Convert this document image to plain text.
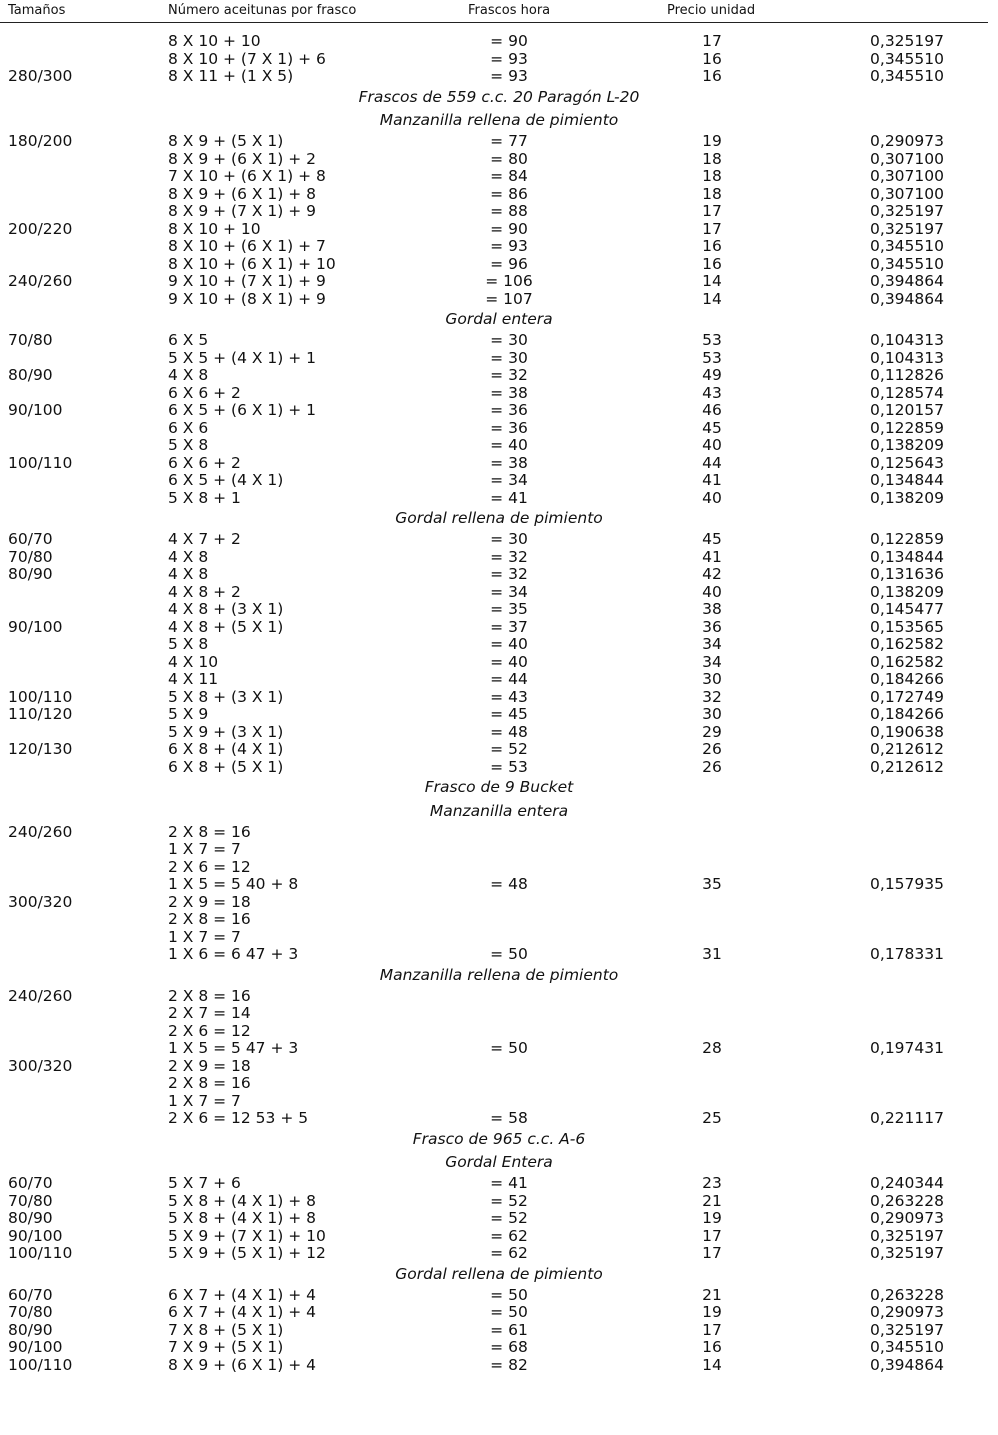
Tamaños	Número aceitunas por frasco	Frascos hora	Precio unidad
8 X 10 + 10	= 90	17	0,325197
8 X 10 + (7 X 1) + 6	= 93	16	0,345510
280/300	8 X 11 + (1 X 5)	= 93	16	0,345510
Frascos de 559 c.c. 20 Paragón L-20
Manzanilla rellena de pimiento
180/200	8 X 9 + (5 X 1)	= 77	19	0,290973
8 X 9 + (6 X 1) + 2	= 80	18	0,307100
7 X 10 + (6 X 1) + 8	= 84	18	0,307100
8 X 9 + (6 X 1) + 8	= 86	18	0,307100
8 X 9 + (7 X 1) + 9	= 88	17	0,325197
200/220	8 X 10 + 10	= 90	17	0,325197
8 X 10 + (6 X 1) + 7	= 93	16	0,345510
8 X 10 + (6 X 1) + 10	= 96	16	0,345510
240/260	9 X 10 + (7 X 1) + 9	= 106	14	0,394864
9 X 10 + (8 X 1) + 9	= 107	14	0,394864
Gordal entera
70/80	6 X 5	= 30	53	0,104313
5 X 5 + (4 X 1) + 1	= 30	53	0,104313
80/90	4 X 8	= 32	49	0,112826
6 X 6 + 2	= 38	43	0,128574
90/100	6 X 5 + (6 X 1) + 1	= 36	46	0,120157
6 X 6	= 36	45	0,122859
5 X 8	= 40	40	0,138209
100/110	6 X 6 + 2	= 38	44	0,125643
6 X 5 + (4 X 1)	= 34	41	0,134844
5 X 8 + 1	= 41	40	0,138209
Gordal rellena de pimiento
60/70	4 X 7 + 2	= 30	45	0,122859
70/80	4 X 8	= 32	41	0,134844
80/90	4 X 8	= 32	42	0,131636
4 X 8 + 2	= 34	40	0,138209
4 X 8 + (3 X 1)	= 35	38	0,145477
90/100	4 X 8 + (5 X 1)	= 37	36	0,153565
5 X 8	= 40	34	0,162582
4 X 10	= 40	34	0,162582
4 X 11	= 44	30	0,184266
100/110	5 X 8 + (3 X 1)	= 43	32	0,172749
110/120	5 X 9	= 45	30	0,184266
5 X 9 + (3 X 1)	= 48	29	0,190638
120/130	6 X 8 + (4 X 1)	= 52	26	0,212612
6 X 8 + (5 X 1)	= 53	26	0,212612
Frasco de 9 Bucket
Manzanilla entera
240/260	2 X 8 = 16
1 X 7 = 7
2 X 6 = 12
1 X 5 = 5 40 + 8	= 48	35	0,157935
300/320	2 X 9 = 18
2 X 8 = 16
1 X 7 = 7
1 X 6 = 6 47 + 3	= 50	31	0,178331
Manzanilla rellena de pimiento
240/260	2 X 8 = 16
2 X 7 = 14
2 X 6 = 12
1 X 5 = 5 47 + 3	= 50	28	0,197431
300/320	2 X 9 = 18
2 X 8 = 16
1 X 7 = 7
2 X 6 = 12 53 + 5	= 58	25	0,221117
Frasco de 965 c.c. A-6
Gordal Entera
60/70	5 X 7 + 6	= 41	23	0,240344
70/80	5 X 8 + (4 X 1) + 8	= 52	21	0,263228
80/90	5 X 8 + (4 X 1) + 8	= 52	19	0,290973
90/100	5 X 9 + (7 X 1) + 10	= 62	17	0,325197
100/110	5 X 9 + (5 X 1) + 12	= 62	17	0,325197
Gordal rellena de pimiento
60/70	6 X 7 + (4 X 1) + 4	= 50	21	0,263228
70/80	6 X 7 + (4 X 1) + 4	= 50	19	0,290973
80/90	7 X 8 + (5 X 1)	= 61	17	0,325197
90/100	7 X 9 + (5 X 1)	= 68	16	0,345510
100/110	8 X 9 + (6 X 1) + 4	= 82	14	0,394864
